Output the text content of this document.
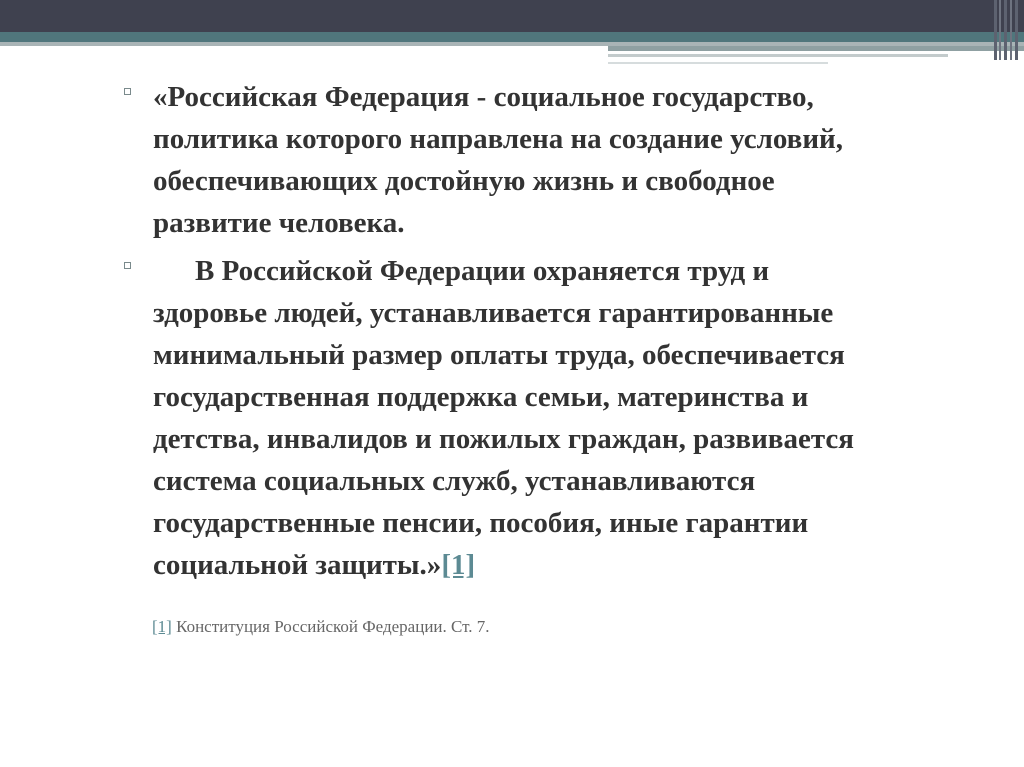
«Российская Федерация - социальное государство,
политика которого направлена на создание условий,
обеспечивающих достойную жизнь и свободное
развитие человека.
В Российской Федерации охраняется труд и
здоровье людей, устанавливается гарантированные
минимальный размер оплаты труда, обеспечивается
государственная поддержка семьи, материнства и
детства, инвалидов и пожилых граждан, развивается
система социальных служб, устанавливаются
государственные пенсии, пособия, иные гарантии
социальной защиты.»[1]
[1] Конституция Российской Федерации. Ст. 7.
